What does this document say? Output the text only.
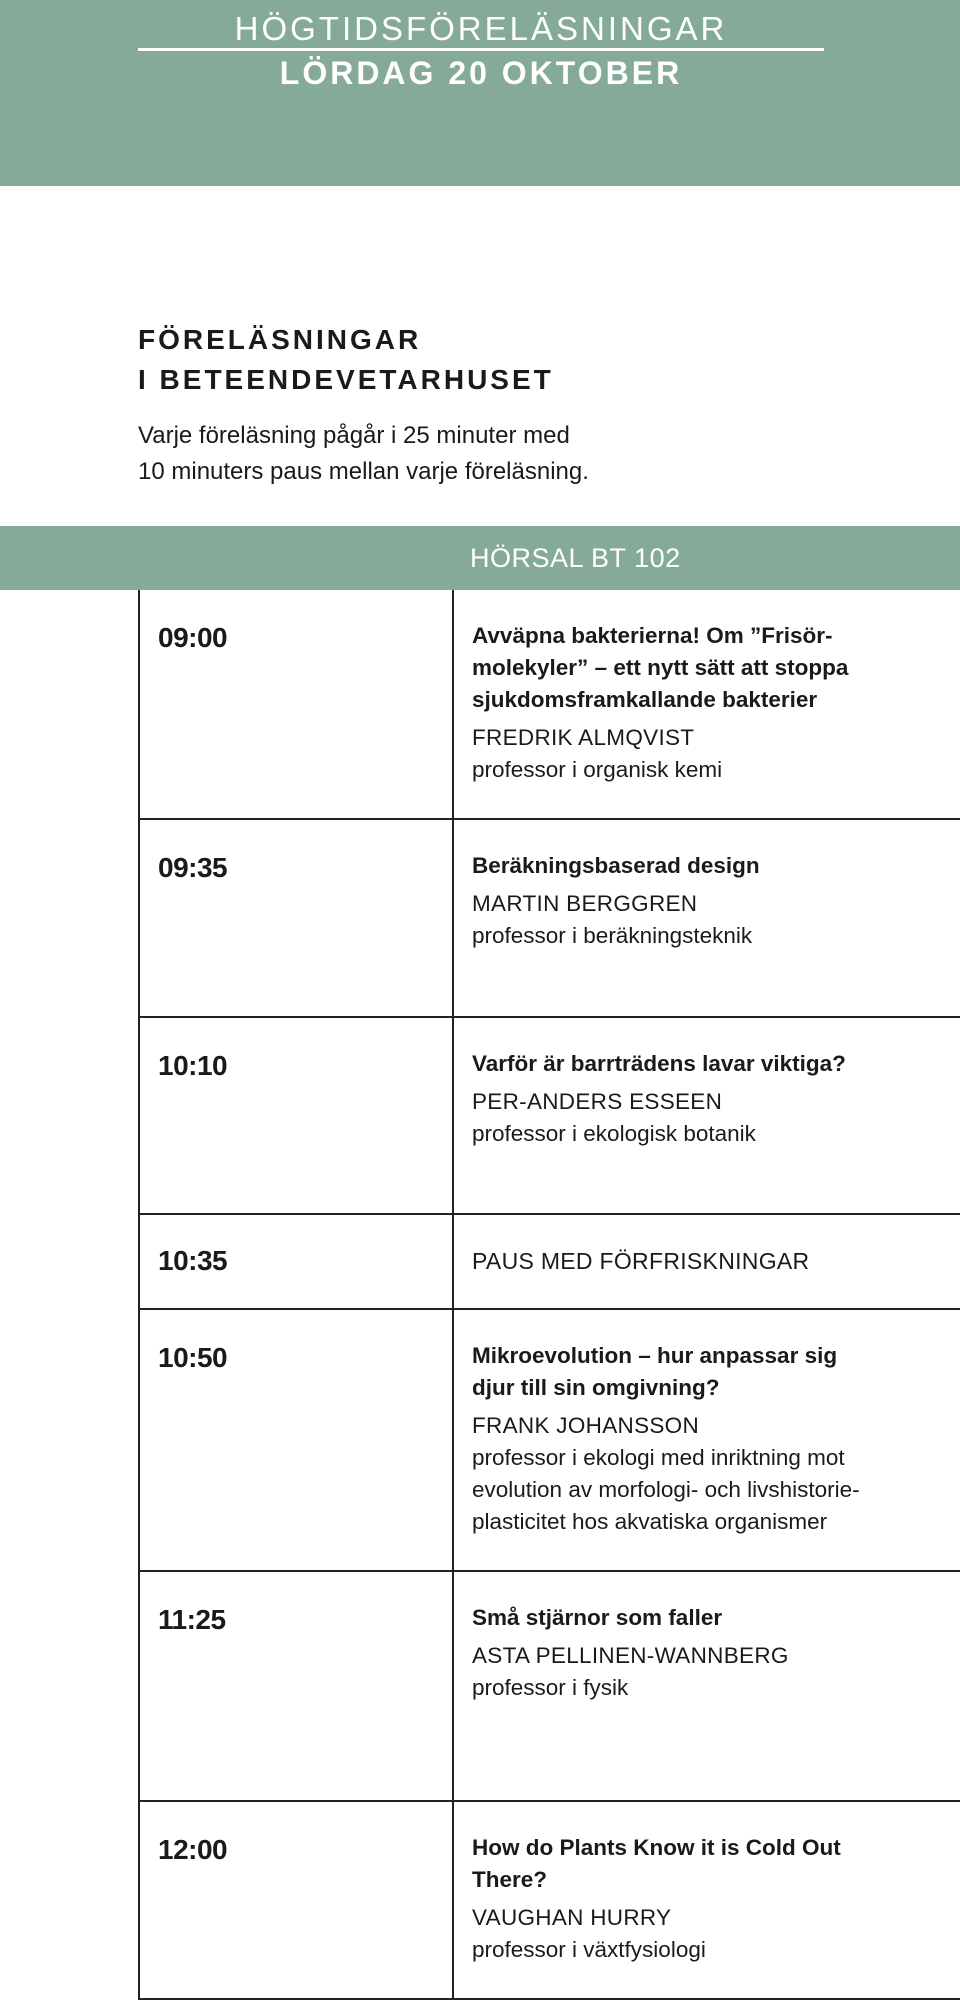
HÖGTIDSFÖRELÄSNINGAR
LÖRDAG 20 OKTOBER
FÖRELÄSNINGAR
I BETEENDEVETARHUSET

Varje föreläsning pågår i 25 minuter med
10 minuters paus mellan varje föreläsning.

HÖRSAL BT 102
09:00	Avväpna bakterierna! Om ”Frisör-
molekyler” – ett nytt sätt att stoppa
sjukdomsframkallande bakterier
FREDRIK ALMQVIST
professor i organisk kemi
09:35	Beräkningsbaserad design
MARTIN BERGGREN
professor i beräkningsteknik
10:10	Varför är barrträdens lavar viktiga?
PER-ANDERS ESSEEN
professor i ekologisk botanik
10:35	PAUS MED FÖRFRISKNINGAR
10:50	Mikroevolution – hur anpassar sig
djur till sin omgivning?
FRANK JOHANSSON
professor i ekologi med inriktning mot
evolution av morfologi- och livshistorie-
plasticitet hos akvatiska organismer
11:25	Små stjärnor som faller
ASTA PELLINEN-WANNBERG
professor i fysik
12:00	How do Plants Know it is Cold Out
There?
VAUGHAN HURRY
professor i växtfysiologi
